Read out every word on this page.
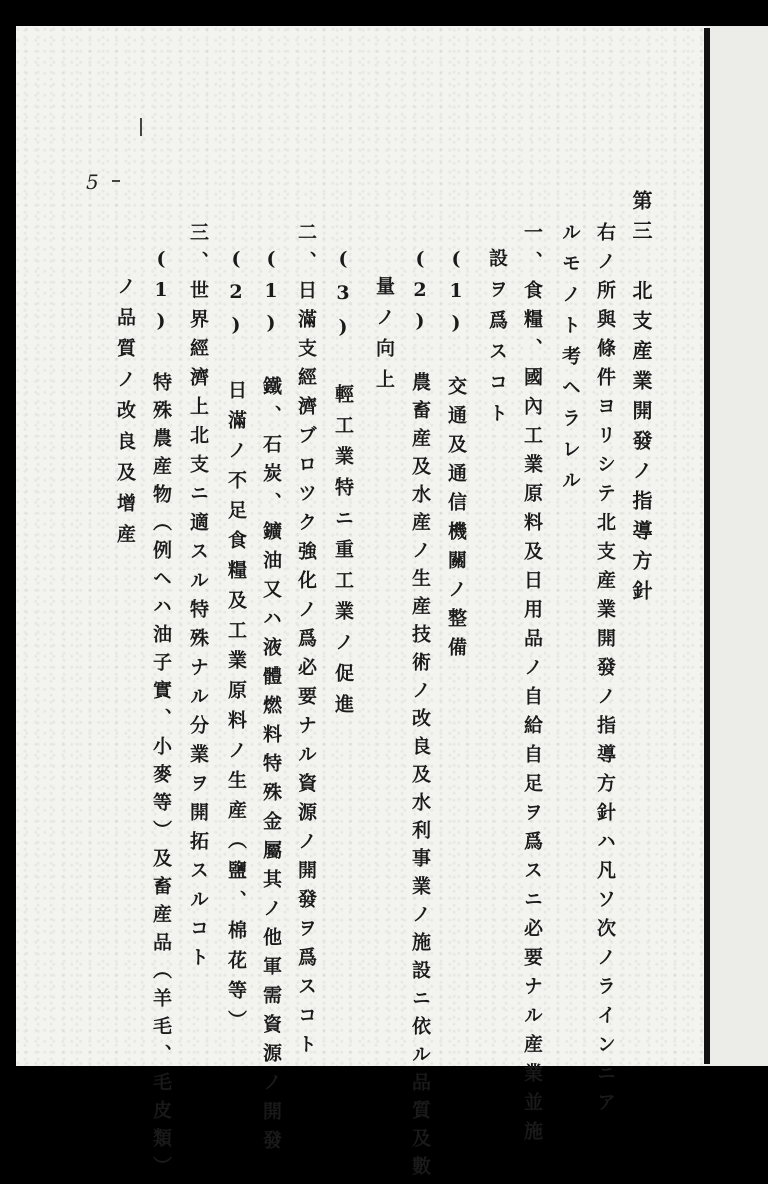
5
第三　北支産業開發ノ指導方針
右ノ所與條件ヨリシテ北支産業開發ノ指導方針ハ凡ソ次ノラインニア
ルモノト考ヘラレル
一、食糧、國內工業原料及日用品ノ自給自足ヲ爲スニ必要ナル産業並施
設ヲ爲スコト
(1) 交通及通信機關ノ整備
(2) 農畜産及水産ノ生産技術ノ改良及水利事業ノ施設ニ依ル品質及數
量ノ向上
(3) 輕工業特ニ重工業ノ促進
二、日滿支經濟ブロツク強化ノ爲必要ナル資源ノ開發ヲ爲スコト
(1) 鐵、石炭、鑛油又ハ液體燃料特殊金屬其ノ他軍需資源ノ開發
(2) 日滿ノ不足食糧及工業原料ノ生産（鹽、棉花等）
三、世界經濟上北支ニ適スル特殊ナル分業ヲ開拓スルコト
(1) 特殊農産物（例ヘハ油子實、小麥等）及畜産品（羊毛、毛皮類）
ノ品質ノ改良及增産
